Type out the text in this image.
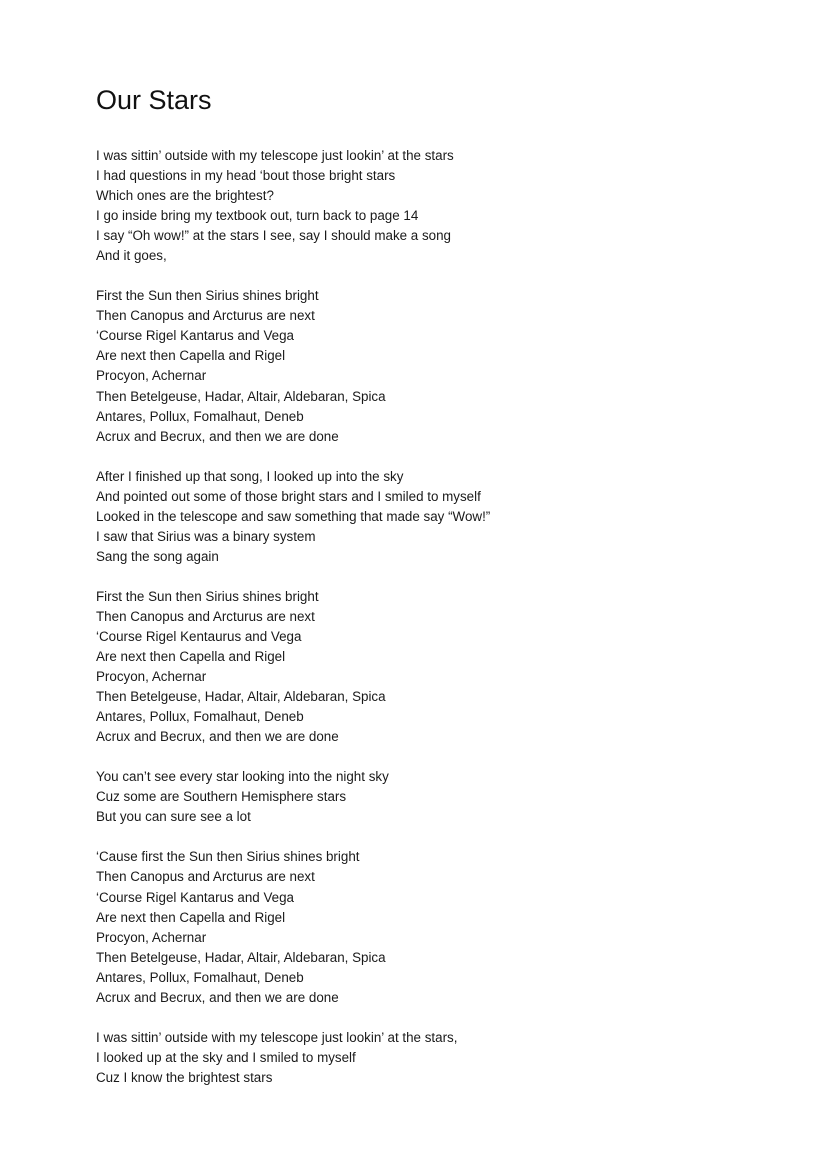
Our Stars
I was sittin’ outside with my telescope just lookin’ at the stars
I had questions in my head ‘bout those bright stars
Which ones are the brightest?
I go inside bring my textbook out, turn back to page 14
I say “Oh wow!” at the stars I see, say I should make a song
And it goes,
First the Sun then Sirius shines bright
Then Canopus and Arcturus are next
‘Course Rigel Kantarus and Vega
Are next then Capella and Rigel
Procyon, Achernar
Then Betelgeuse, Hadar, Altair, Aldebaran, Spica
Antares, Pollux, Fomalhaut, Deneb
Acrux and Becrux, and then we are done
After I finished up that song, I looked up into the sky
And pointed out some of those bright stars and I smiled to myself
Looked in the telescope and saw something that made say “Wow!”
I saw that Sirius was a binary system
Sang the song again
First the Sun then Sirius shines bright
Then Canopus and Arcturus are next
‘Course Rigel Kentaurus and Vega
Are next then Capella and Rigel
Procyon, Achernar
Then Betelgeuse, Hadar, Altair, Aldebaran, Spica
Antares, Pollux, Fomalhaut, Deneb
Acrux and Becrux, and then we are done
You can’t see every star looking into the night sky
Cuz some are Southern Hemisphere stars
But you can sure see a lot
‘Cause first the Sun then Sirius shines bright
Then Canopus and Arcturus are next
‘Course Rigel Kantarus and Vega
Are next then Capella and Rigel
Procyon, Achernar
Then Betelgeuse, Hadar, Altair, Aldebaran, Spica
Antares, Pollux, Fomalhaut, Deneb
Acrux and Becrux, and then we are done
I was sittin’ outside with my telescope just lookin’ at the stars,
I looked up at the sky and I smiled to myself
Cuz I know the brightest stars
